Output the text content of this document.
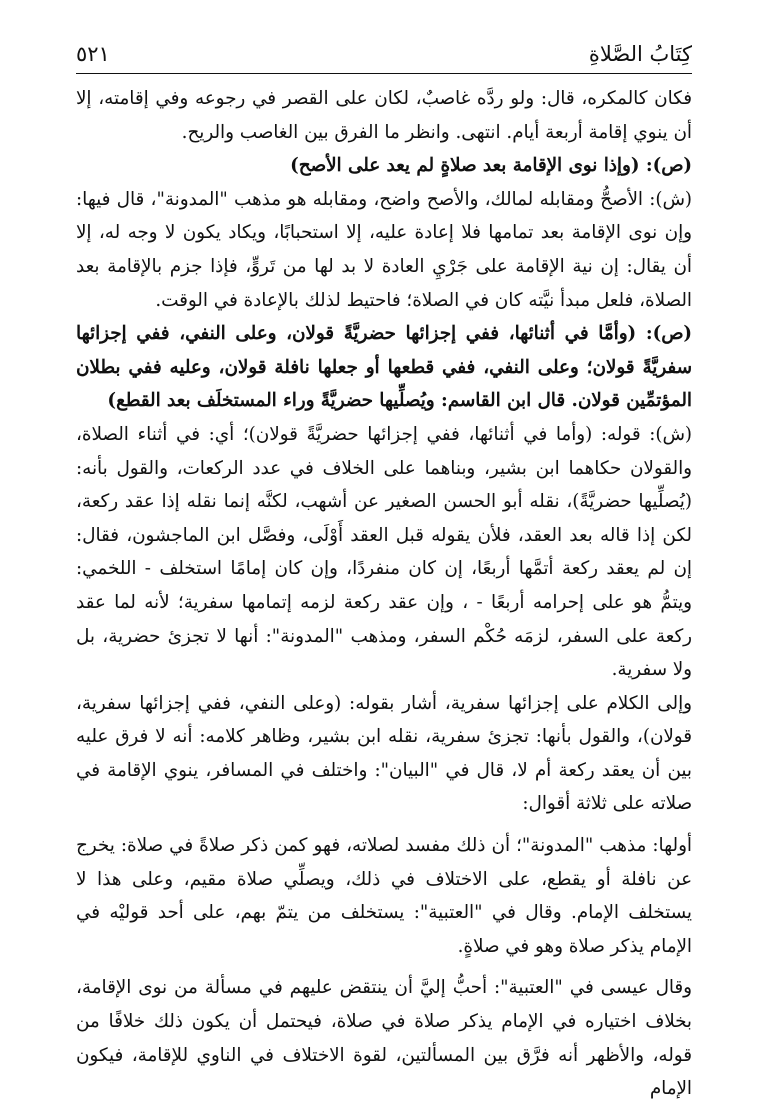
كِتَابُ الصَّلاةِ
٥٢١

فكان كالمكره، قال: ولو ردَّه غاصبٌ، لكان على القصر في رجوعه وفي إقامته، إلا أن ينوي إقامة أربعة أيام. انتهى. وانظر ما الفرق بين الغاصب والريح.

(ص): (وإذا نوى الإقامة بعد صلاةٍ لم يعد على الأصح)

(ش): الأصحُّ ومقابله لمالك، والأصح واضح، ومقابله هو مذهب "المدونة"، قال فيها: وإن نوى الإقامة بعد تمامها فلا إعادة عليه، إلا استحبابًا، ويكاد يكون لا وجه له، إلا أن يقال: إن نية الإقامة على جَرْيِ العادة لا بد لها من تَروٍّ، فإذا جزم بالإقامة بعد الصلاة، فلعل مبدأ نيَّته كان في الصلاة؛ فاحتيط لذلك بالإعادة في الوقت.

(ص): (وأمَّا في أثنائها، ففي إجزائها حضريَّةً قولان، وعلى النفي، ففي إجزائها سفريَّةً قولان؛ وعلى النفي، ففي قطعها أو جعلها نافلة قولان، وعليه ففي بطلان المؤتمِّين قولان. قال ابن القاسم: ويُصلِّيها حضريَّةً وراء المستخلَف بعد القطع)

(ش): قوله: (وأما في أثنائها، ففي إجزائها حضريَّةً قولان)؛ أي: في أثناء الصلاة، والقولان حكاهما ابن بشير، وبناهما على الخلاف في عدد الركعات، والقول بأنه: (يُصلِّيها حضريَّةً)، نقله أبو الحسن الصغير عن أشهب، لكنَّه إنما نقله إذا عقد ركعة، لكن إذا قاله بعد العقد، فلأن يقوله قبل العقد أَوْلَى، وفصَّل ابن الماجشون، فقال: إن لم يعقد ركعة أتمَّها أربعًا، إن كان منفردًا، وإن كان إمامًا استخلف - اللخمي: ويتمُّ هو على إحرامه أربعًا - ، وإن عقد ركعة لزمه إتمامها سفرية؛ لأنه لما عقد ركعة على السفر، لزمَه حُكْم السفر، ومذهب "المدونة": أنها لا تجزئ حضرية، بل ولا سفرية.

وإلى الكلام على إجزائها سفرية، أشار بقوله: (وعلى النفي، ففي إجزائها سفرية، قولان)، والقول بأنها: تجزئ سفرية، نقله ابن بشير، وظاهر كلامه: أنه لا فرق عليه بين أن يعقد ركعة أم لا، قال في "البيان": واختلف في المسافر، ينوي الإقامة في صلاته على ثلاثة أقوال:

أولها: مذهب "المدونة"؛ أن ذلك مفسد لصلاته، فهو كمن ذكر صلاةً في صلاة: يخرج عن نافلة أو يقطع، على الاختلاف في ذلك، ويصلِّي صلاة مقيم، وعلى هذا لا يستخلف الإمام. وقال في "العتبية": يستخلف من يتمّ بهم، على أحد قوليْه في الإمام يذكر صلاة وهو في صلاةٍ.

وقال عيسى في "العتبية": أحبُّ إليَّ أن ينتقض عليهم في مسألة من نوى الإقامة، بخلاف اختياره في الإمام يذكر صلاة في صلاة، فيحتمل أن يكون ذلك خلافًا من قوله، والأظهر أنه فرَّق بين المسألتين، لقوة الاختلاف في الناوي للإقامة، فيكون الإمام
